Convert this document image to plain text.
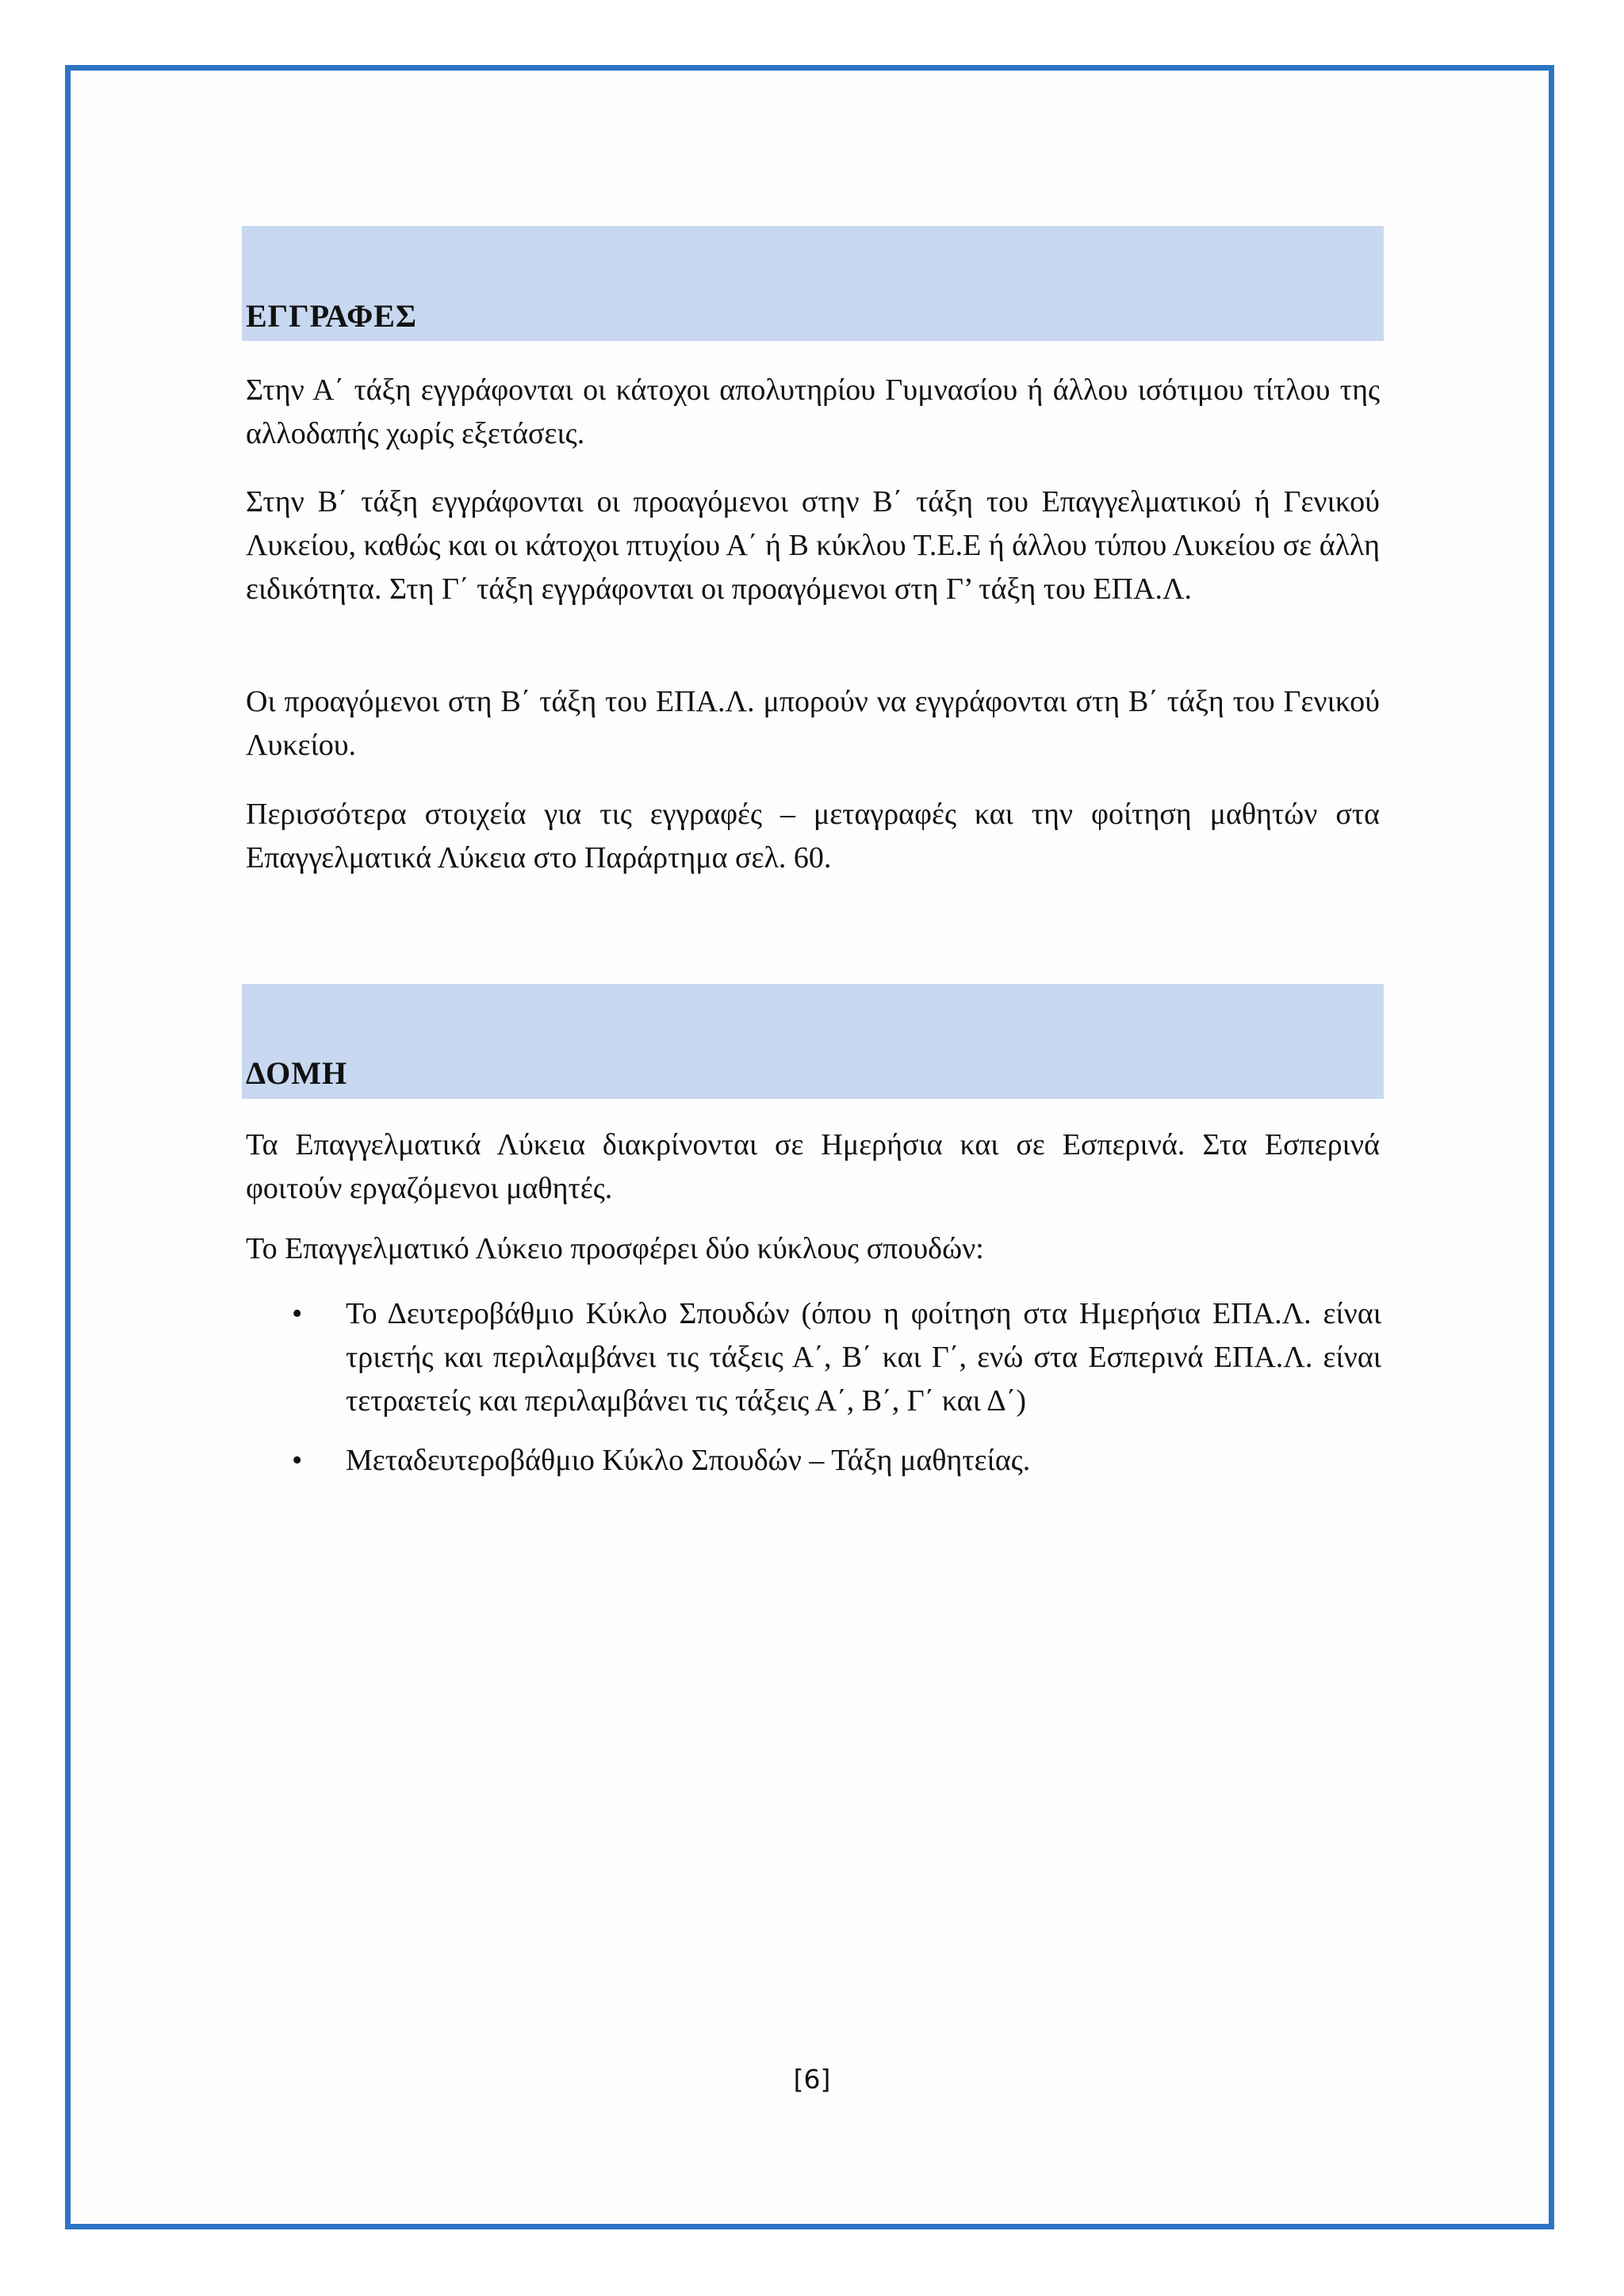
ΕΓΓΡΑΦΕΣ
Στην Α΄ τάξη εγγράφονται οι κάτοχοι απολυτηρίου Γυμνασίου ή άλλου ισότιμου τίτλου της αλλοδαπής χωρίς εξετάσεις.
Στην Β΄ τάξη εγγράφονται οι προαγόμενοι στην Β΄ τάξη του Επαγγελματικού ή Γενικού Λυκείου, καθώς και οι κάτοχοι πτυχίου Α΄ ή Β κύκλου Τ.Ε.Ε ή άλλου τύπου Λυκείου σε άλλη ειδικότητα. Στη Γ΄ τάξη εγγράφονται οι προαγόμενοι στη Γ’ τάξη του ΕΠΑ.Λ.
Οι προαγόμενοι στη Β΄ τάξη του ΕΠΑ.Λ. μπορούν να εγγράφονται στη Β΄ τάξη του Γενικού Λυκείου.
Περισσότερα στοιχεία για τις εγγραφές – μεταγραφές και την φοίτηση μαθητών στα Επαγγελματικά Λύκεια στο Παράρτημα σελ. 60.
ΔΟΜΗ
Τα Επαγγελματικά Λύκεια διακρίνονται σε Ημερήσια και σε Εσπερινά. Στα Εσπερινά φοιτούν εργαζόμενοι μαθητές.
Το Επαγγελματικό Λύκειο προσφέρει δύο κύκλους σπουδών:
•	Το Δευτεροβάθμιο Κύκλο Σπουδών (όπου η φοίτηση στα Ημερήσια ΕΠΑ.Λ. είναι τριετής και περιλαμβάνει τις τάξεις Α΄, Β΄ και Γ΄, ενώ στα Εσπερινά ΕΠΑ.Λ. είναι τετραετείς και περιλαμβάνει τις τάξεις Α΄, Β΄, Γ΄ και Δ΄)
•	Μεταδευτεροβάθμιο Κύκλο Σπουδών – Τάξη μαθητείας.
[6]
